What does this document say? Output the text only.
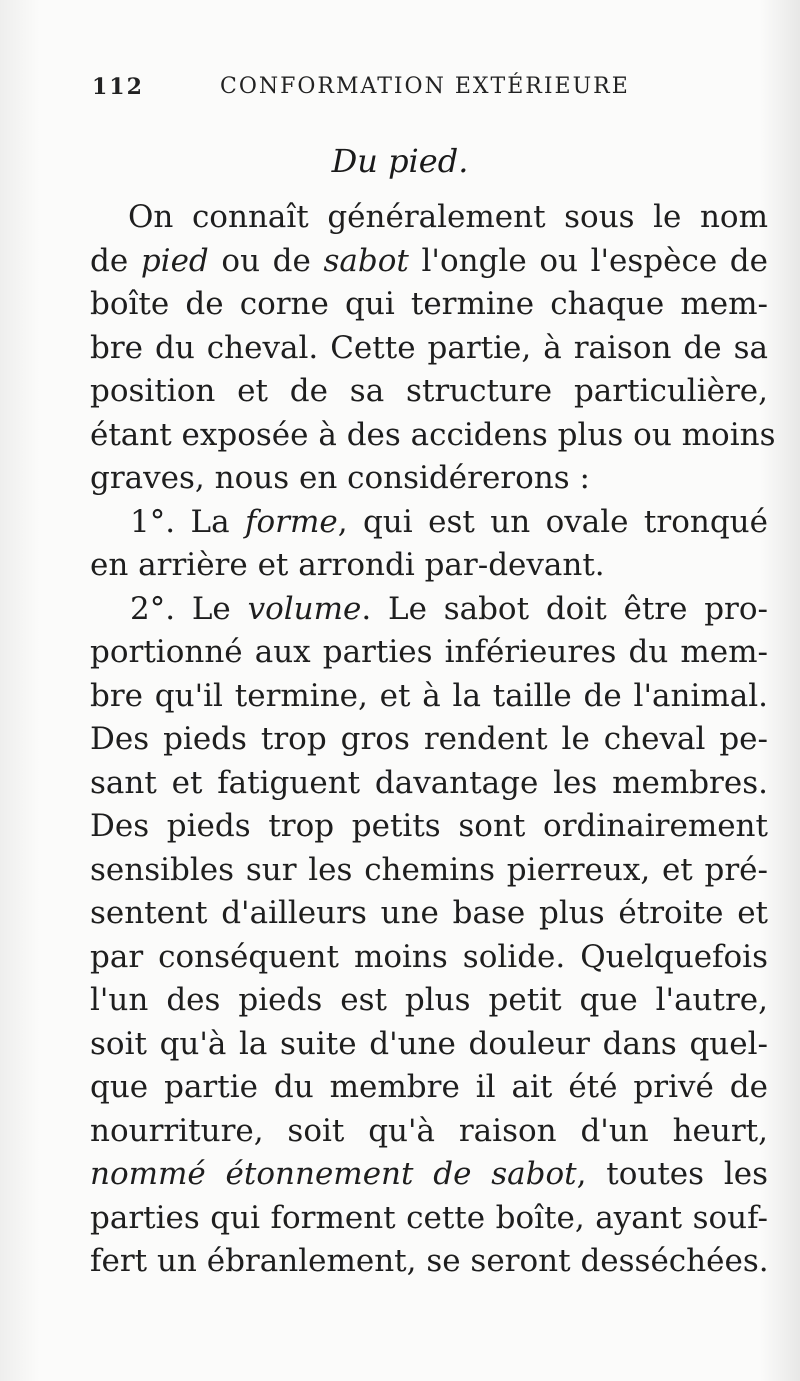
112	CONFORMATION EXTÉRIEURE
Du pied.
On connaît généralement sous le nom
de pied ou de sabot l'ongle ou l'espèce de
boîte de corne qui termine chaque mem-
bre du cheval. Cette partie, à raison de sa
position et de sa structure particulière,
étant exposée à des accidens plus ou moins
graves, nous en considérerons :
1°. La forme, qui est un ovale tronqué
en arrière et arrondi par-devant.
2°. Le volume. Le sabot doit être pro-
portionné aux parties inférieures du mem-
bre qu'il termine, et à la taille de l'animal.
Des pieds trop gros rendent le cheval pe-
sant et fatiguent davantage les membres.
Des pieds trop petits sont ordinairement
sensibles sur les chemins pierreux, et pré-
sentent d'ailleurs une base plus étroite et
par conséquent moins solide. Quelquefois
l'un des pieds est plus petit que l'autre,
soit qu'à la suite d'une douleur dans quel-
que partie du membre il ait été privé de
nourriture, soit qu'à raison d'un heurt,
nommé étonnement de sabot, toutes les
parties qui forment cette boîte, ayant souf-
fert un ébranlement, se seront desséchées.
